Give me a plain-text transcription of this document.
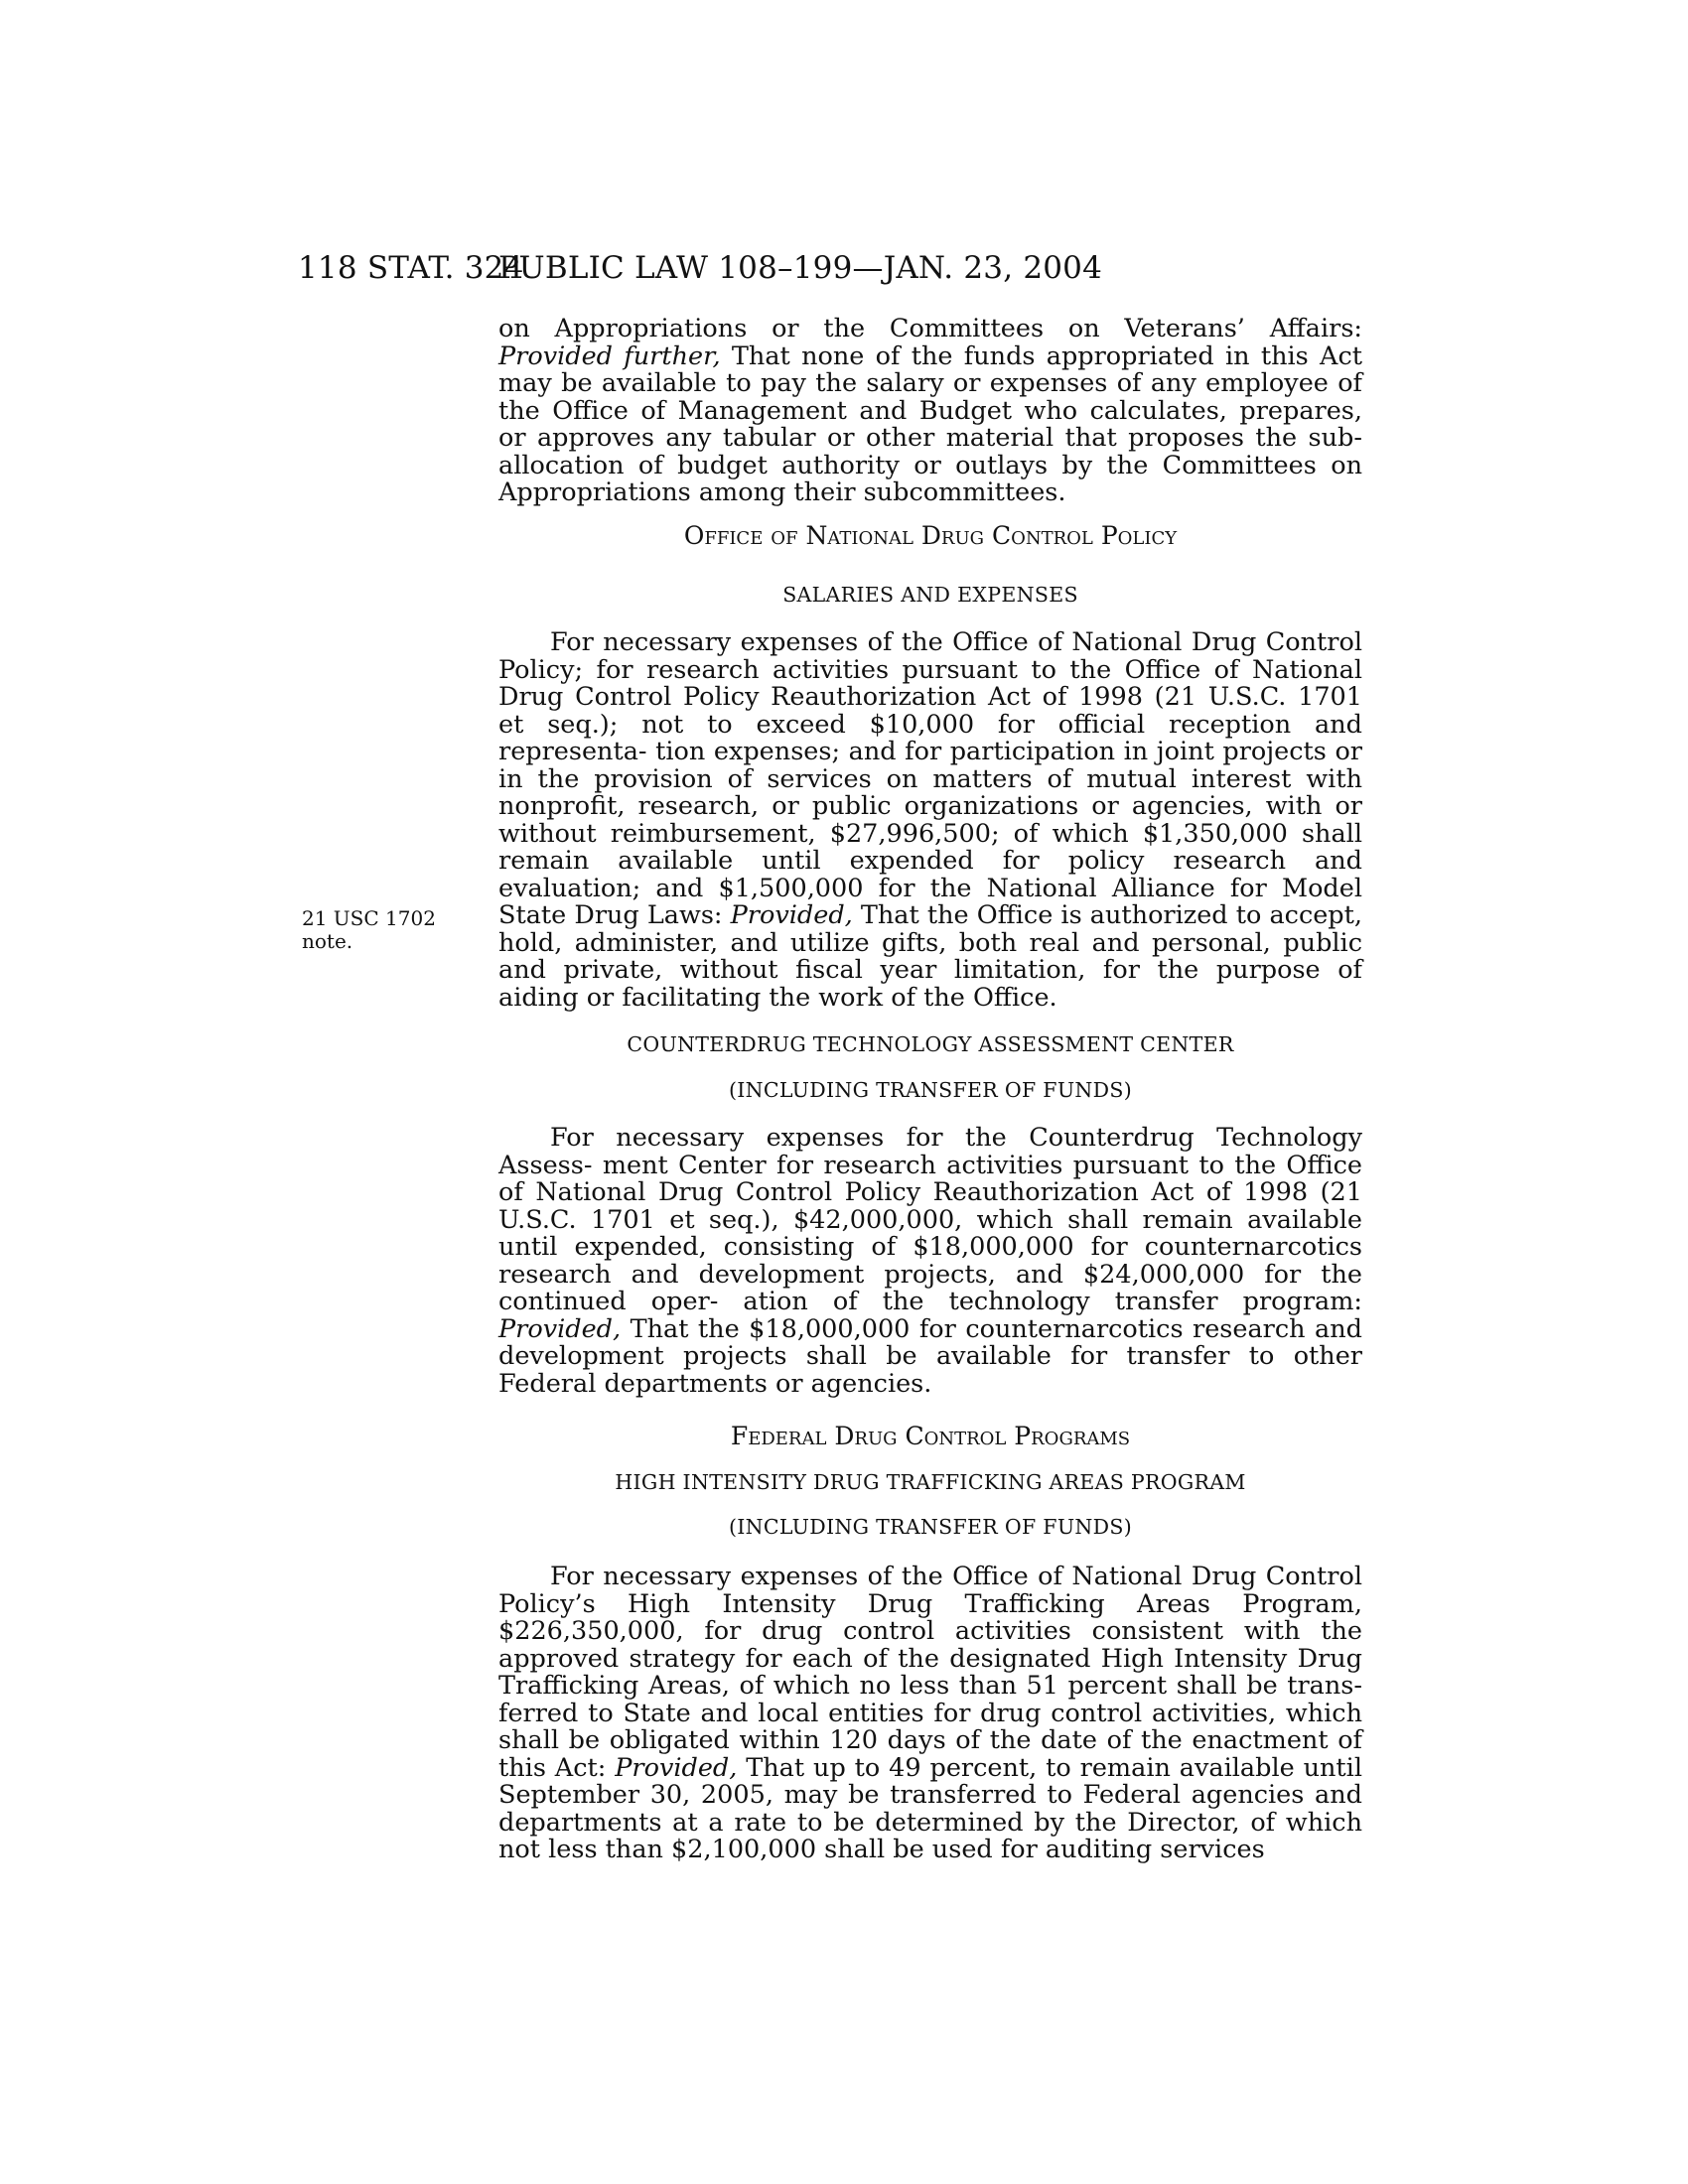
118 STAT. 324
PUBLIC LAW 108–199—JAN. 23, 2004
21 USC 1702
note.

on Appropriations or the Committees on Veterans’ Affairs: Provided further, That none of the funds appropriated in this Act may be available to pay the salary or expenses of any employee of the Office of Management and Budget who calculates, prepares, or approves any tabular or other material that proposes the sub- allocation of budget authority or outlays by the Committees on Appropriations among their subcommittees.

Office of National Drug Control Policy
SALARIES AND EXPENSES

For necessary expenses of the Office of National Drug Control Policy; for research activities pursuant to the Office of National Drug Control Policy Reauthorization Act of 1998 (21 U.S.C. 1701 et seq.); not to exceed $10,000 for official reception and representa- tion expenses; and for participation in joint projects or in the provision of services on matters of mutual interest with nonprofit, research, or public organizations or agencies, with or without reimbursement, $27,996,500; of which $1,350,000 shall remain available until expended for policy research and evaluation; and $1,500,000 for the National Alliance for Model State Drug Laws: Provided, That the Office is authorized to accept, hold, administer, and utilize gifts, both real and personal, public and private, without fiscal year limitation, for the purpose of aiding or facilitating the work of the Office.

COUNTERDRUG TECHNOLOGY ASSESSMENT CENTER
(INCLUDING TRANSFER OF FUNDS)

For necessary expenses for the Counterdrug Technology Assess- ment Center for research activities pursuant to the Office of National Drug Control Policy Reauthorization Act of 1998 (21 U.S.C. 1701 et seq.), $42,000,000, which shall remain available until expended, consisting of $18,000,000 for counternarcotics research and development projects, and $24,000,000 for the continued oper- ation of the technology transfer program: Provided, That the $18,000,000 for counternarcotics research and development projects shall be available for transfer to other Federal departments or agencies.

Federal Drug Control Programs
HIGH INTENSITY DRUG TRAFFICKING AREAS PROGRAM
(INCLUDING TRANSFER OF FUNDS)

For necessary expenses of the Office of National Drug Control Policy’s High Intensity Drug Trafficking Areas Program, $226,350,000, for drug control activities consistent with the approved strategy for each of the designated High Intensity Drug Trafficking Areas, of which no less than 51 percent shall be trans- ferred to State and local entities for drug control activities, which shall be obligated within 120 days of the date of the enactment of this Act: Provided, That up to 49 percent, to remain available until September 30, 2005, may be transferred to Federal agencies and departments at a rate to be determined by the Director, of which not less than $2,100,000 shall be used for auditing services
